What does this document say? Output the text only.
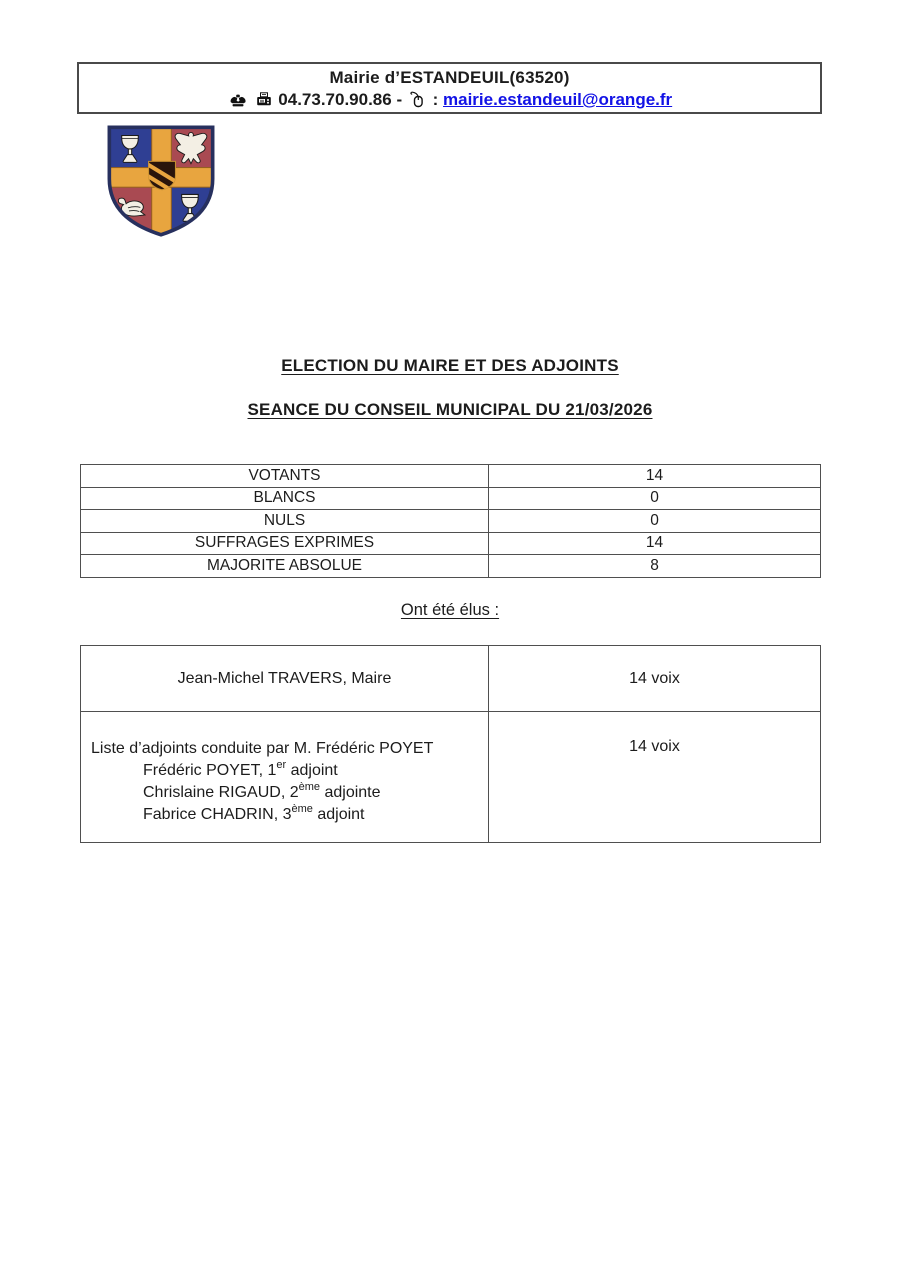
Mairie d’ESTANDEUIL(63520)
04.73.70.90.86 - : mairie.estandeuil@orange.fr
ELECTION DU MAIRE ET DES ADJOINTS
SEANCE DU CONSEIL MUNICIPAL DU 21/03/2026
VOTANTS	14
BLANCS	0
NULS	0
SUFFRAGES EXPRIMES	14
MAJORITE ABSOLUE	8
Ont été élus :
Jean-Michel TRAVERS, Maire	14 voix

Liste d’adjoints conduite par M. Frédéric POYET
Frédéric POYET, 1er adjoint
Chrislaine RIGAUD, 2ème adjointe
Fabrice CHADRIN, 3ème adjoint	14 voix
